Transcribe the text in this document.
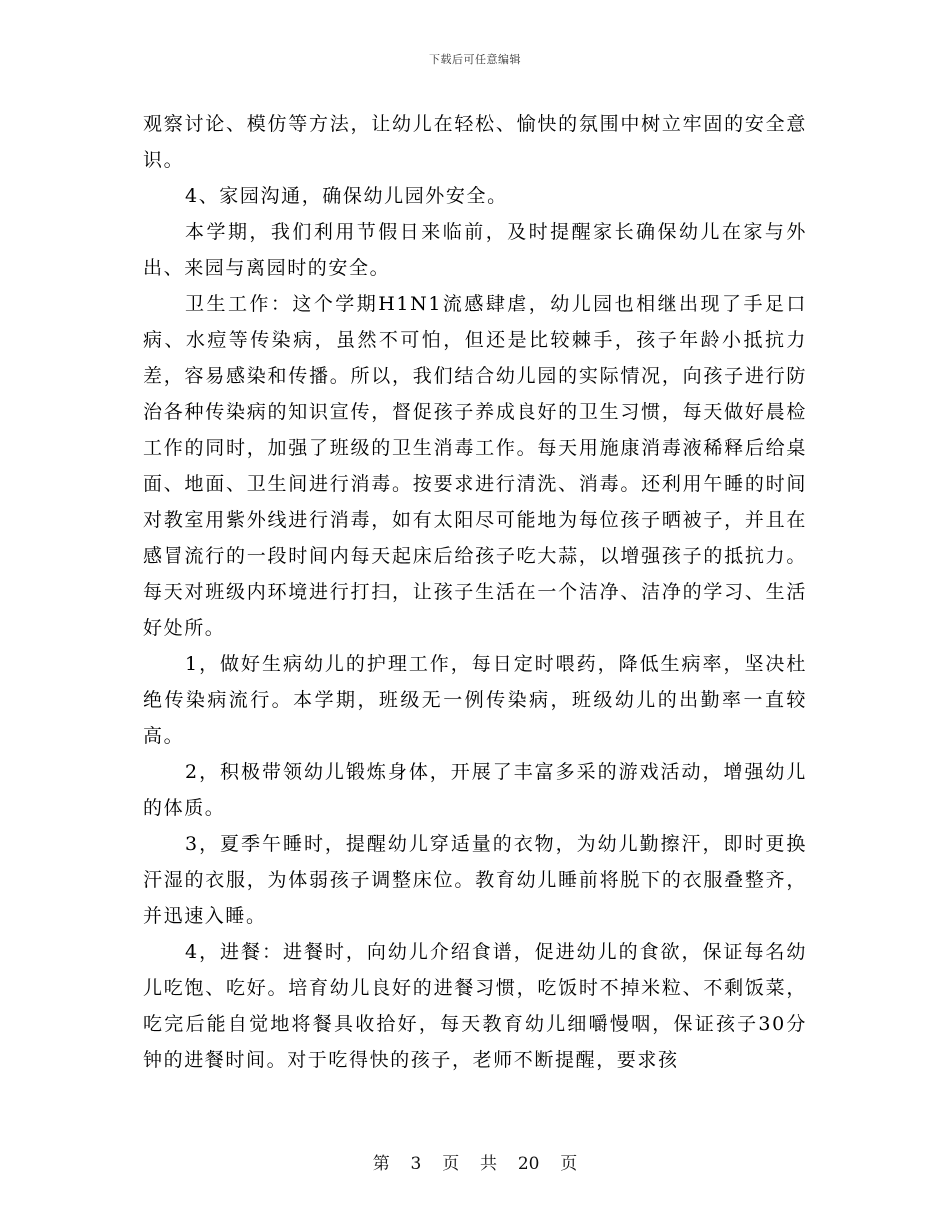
下载后可任意编辑

观察讨论、模仿等方法，让幼儿在轻松、愉快的氛围中树立牢固的安全意识。

4、家园沟通，确保幼儿园外安全。

本学期，我们利用节假日来临前，及时提醒家长确保幼儿在家与外出、来园与离园时的安全。

卫生工作：这个学期H1N1流感肆虐，幼儿园也相继出现了手足口病、水痘等传染病，虽然不可怕，但还是比较棘手，孩子年龄小抵抗力差，容易感染和传播。所以，我们结合幼儿园的实际情况，向孩子进行防治各种传染病的知识宣传，督促孩子养成良好的卫生习惯，每天做好晨检工作的同时，加强了班级的卫生消毒工作。每天用施康消毒液稀释后给桌面、地面、卫生间进行消毒。按要求进行清洗、消毒。还利用午睡的时间对教室用紫外线进行消毒，如有太阳尽可能地为每位孩子晒被子，并且在感冒流行的一段时间内每天起床后给孩子吃大蒜，以增强孩子的抵抗力。每天对班级内环境进行打扫，让孩子生活在一个洁净、洁净的学习、生活好处所。

1，做好生病幼儿的护理工作，每日定时喂药，降低生病率，坚决杜绝传染病流行。本学期，班级无一例传染病，班级幼儿的出勤率一直较高。

2，积极带领幼儿锻炼身体，开展了丰富多采的游戏活动，增强幼儿的体质。

3，夏季午睡时，提醒幼儿穿适量的衣物，为幼儿勤擦汗，即时更换汗湿的衣服，为体弱孩子调整床位。教育幼儿睡前将脱下的衣服叠整齐，并迅速入睡。

4，进餐：进餐时，向幼儿介绍食谱，促进幼儿的食欲，保证每名幼儿吃饱、吃好。培育幼儿良好的进餐习惯，吃饭时不掉米粒、不剩饭菜，吃完后能自觉地将餐具收拾好，每天教育幼儿细嚼慢咽，保证孩子30分钟的进餐时间。对于吃得快的孩子，老师不断提醒，要求孩

第 3 页 共 20 页
